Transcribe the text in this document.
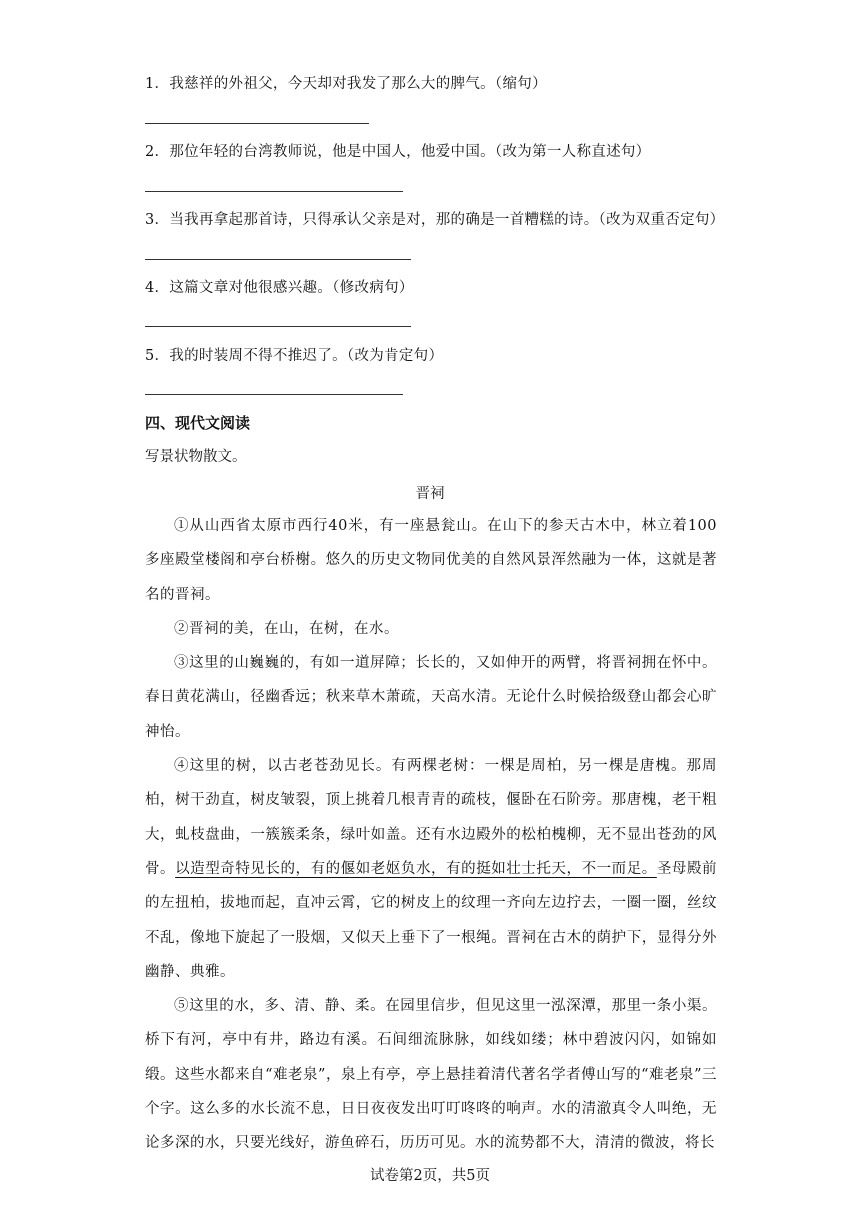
1．我慈祥的外祖父，今天却对我发了那么大的脾气。（缩句）
2．那位年轻的台湾教师说，他是中国人，他爱中国。（改为第一人称直述句）
3．当我再拿起那首诗，只得承认父亲是对，那的确是一首糟糕的诗。（改为双重否定句）
4．这篇文章对他很感兴趣。（修改病句）
5．我的时装周不得不推迟了。（改为肯定句）
四、现代文阅读
写景状物散文。
晋祠

①从山西省太原市西行40米，有一座悬瓮山。在山下的参天古木中，林立着100多座殿堂楼阁和亭台桥榭。悠久的历史文物同优美的自然风景浑然融为一体，这就是著名的晋祠。

②晋祠的美，在山，在树，在水。

③这里的山巍巍的，有如一道屏障；长长的，又如伸开的两臂，将晋祠拥在怀中。春日黄花满山，径幽香远；秋来草木萧疏，天高水清。无论什么时候拾级登山都会心旷神怡。

④这里的树，以古老苍劲见长。有两棵老树：一棵是周柏，另一棵是唐槐。那周柏，树干劲直，树皮皱裂，顶上挑着几根青青的疏枝，偃卧在石阶旁。那唐槐，老干粗大，虬枝盘曲，一簇簇柔条，绿叶如盖。还有水边殿外的松柏槐柳，无不显出苍劲的风骨。以造型奇特见长的，有的偃如老妪负水，有的挺如壮士托天，不一而足。圣母殿前的左扭柏，拔地而起，直冲云霄，它的树皮上的纹理一齐向左边拧去，一圈一圈，丝纹不乱，像地下旋起了一股烟，又似天上垂下了一根绳。晋祠在古木的荫护下，显得分外幽静、典雅。

⑤这里的水，多、清、静、柔。在园里信步，但见这里一泓深潭，那里一条小渠。桥下有河，亭中有井，路边有溪。石间细流脉脉，如线如缕；林中碧波闪闪，如锦如缎。这些水都来自“难老泉”，泉上有亭，亭上悬挂着清代著名学者傅山写的“难老泉”三个字。这么多的水长流不息，日日夜夜发出叮叮咚咚的响声。水的清澈真令人叫绝，无论多深的水，只要光线好，游鱼碎石，历历可见。水的流势都不大，清清的微波，将长

试卷第2页，共5页
